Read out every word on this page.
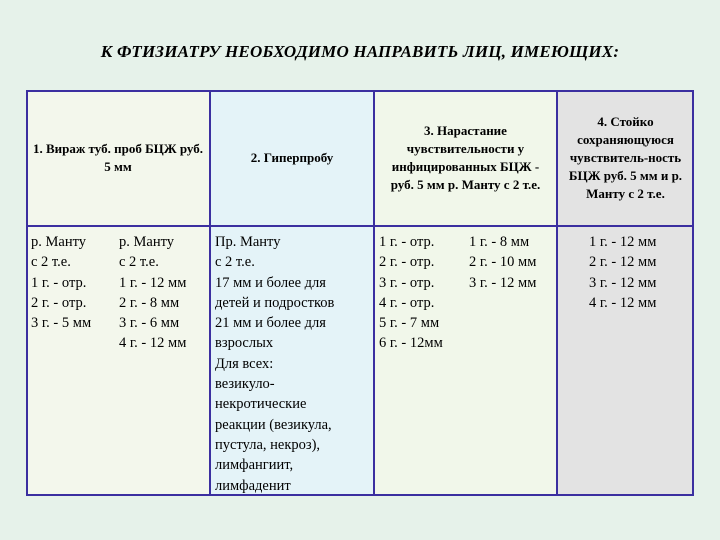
К ФТИЗИАТРУ НЕОБХОДИМО НАПРАВИТЬ ЛИЦ, ИМЕЮЩИХ:
1. Вираж туб. проб БЦЖ руб. 5 мм
2. Гиперпробу
3. Нарастание чувствительности у инфицированных БЦЖ - руб. 5 мм р. Манту с 2 т.е.
4. Стойко сохраняющуюся чувствитель-ность БЦЖ руб. 5 мм и р. Манту с 2 т.е.
р. Манту
с 2 т.е.
1 г. - отр.
2 г. - отр.
3 г. - 5 мм
р. Манту
с 2 т.е.
1 г. - 12 мм
2 г. - 8 мм
3 г. - 6 мм
4 г. - 12 мм
Пр. Манту
с 2 т.е.
17 мм и более для
детей и подростков
21 мм и более для
взрослых
Для всех:
везикуло-
некротические
реакции (везикула,
пустула, некроз),
лимфангиит,
лимфаденит
1 г. - отр.
2 г. - отр.
3 г. - отр.
4 г. - отр.
5 г. - 7 мм
6 г. - 12мм
1 г. - 8 мм
2 г. - 10 мм
3 г. - 12 мм
1 г. - 12 мм
2 г. - 12 мм
3 г. - 12 мм
4 г. - 12 мм
